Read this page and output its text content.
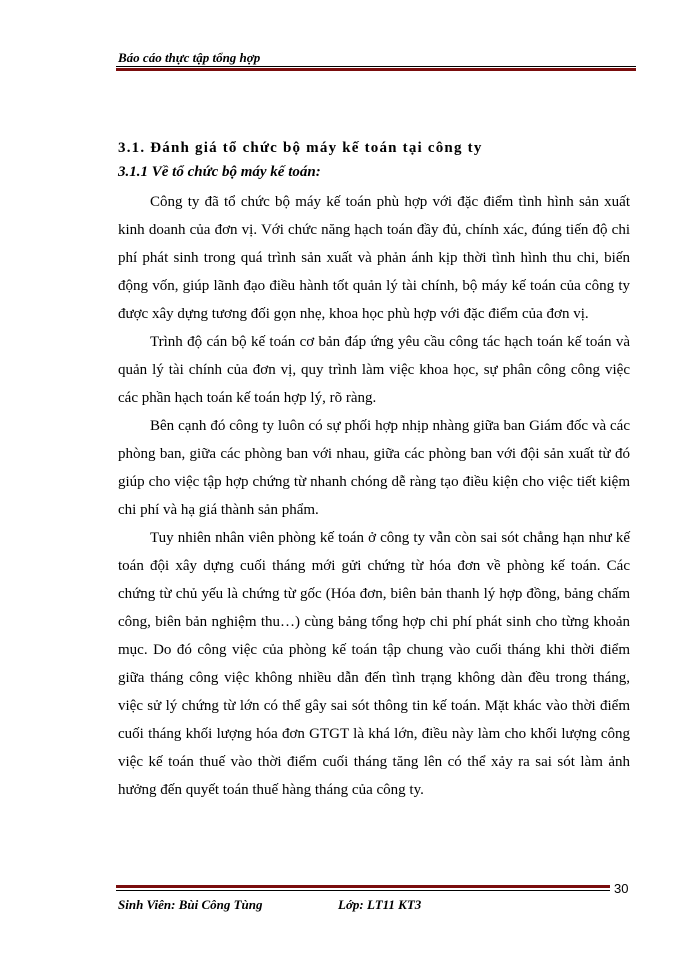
Báo cáo thực tập tổng hợp
3.1. Đánh giá tổ chức bộ máy kế toán tại công ty
3.1.1 Về tổ chức bộ máy kế toán:

Công ty đã tổ chức bộ máy kế toán phù hợp với đặc điểm tình hình sản xuất kinh doanh của đơn vị. Với chức năng hạch toán đầy đủ, chính xác, đúng tiến độ chi phí phát sinh trong quá trình sản xuất và phản ánh kịp thời tình hình thu chi, biến động vốn, giúp lãnh đạo điều hành tốt quản lý tài chính, bộ máy kế toán của công ty được xây dựng tương đối gọn nhẹ, khoa học phù hợp với đặc điểm của đơn vị.

Trình độ cán bộ kế toán cơ bản đáp ứng yêu cầu công tác hạch toán kế toán và quản lý tài chính của đơn vị, quy trình làm việc khoa học, sự phân công công việc các phần hạch toán kế toán hợp lý, rõ ràng.

Bên cạnh đó công ty luôn có sự phối hợp nhịp nhàng giữa ban Giám đốc và các phòng ban, giữa các phòng ban với nhau, giữa các phòng ban với đội sản xuất từ đó giúp cho việc tập hợp chứng từ nhanh chóng dễ ràng tạo điều kiện cho việc tiết kiệm chi phí và hạ giá thành sản phẩm.

Tuy nhiên nhân viên phòng kế toán ở công ty vẫn còn sai sót chẳng hạn như kế toán đội xây dựng cuối tháng mới gửi chứng từ hóa đơn về phòng kế toán. Các chứng từ chủ yếu là chứng từ gốc (Hóa đơn, biên bản thanh lý hợp đồng, bảng chấm công, biên bản nghiệm thu…) cùng bảng tổng hợp chi phí phát sinh cho từng khoản mục. Do đó công việc của phòng kế toán tập chung vào cuối tháng khi thời điểm giữa tháng công việc không nhiều dẫn đến tình trạng không dàn đều trong tháng, việc sử lý chứng từ lớn có thể gây sai sót thông tin kế toán. Mặt khác vào thời điểm cuối tháng khối lượng hóa đơn GTGT là khá lớn, điều này làm cho khối lượng công việc kế toán thuế vào thời điểm cuối tháng tăng lên có thể xảy ra sai sót làm ảnh hưởng đến quyết toán thuế hàng tháng của công ty.

30
Sinh Viên: Bùi Công Tùng	Lớp: LT11 KT3
